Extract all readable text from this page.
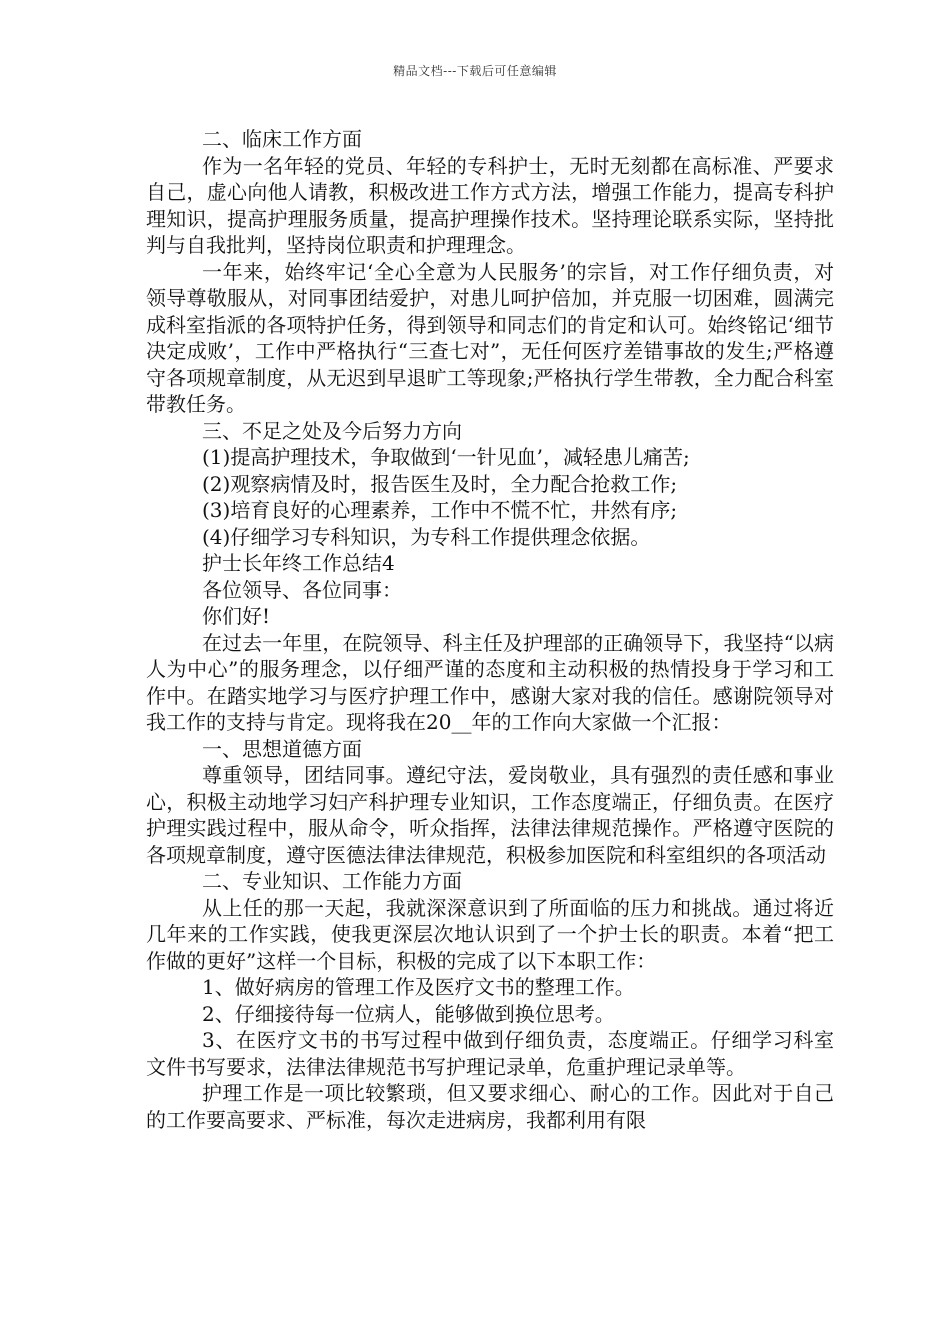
精品文档---下载后可任意编辑

二、临床工作方面

作为一名年轻的党员、年轻的专科护士，无时无刻都在高标准、严要求自己，虚心向他人请教，积极改进工作方式方法，增强工作能力，提高专科护理知识，提高护理服务质量，提高护理操作技术。坚持理论联系实际，坚持批判与自我批判，坚持岗位职责和护理理念。

一年来，始终牢记‘全心全意为人民服务’的宗旨，对工作仔细负责，对领导尊敬服从，对同事团结爱护，对患儿呵护倍加，并克服一切困难，圆满完成科室指派的各项特护任务，得到领导和同志们的肯定和认可。始终铭记‘细节决定成败’，工作中严格执行“三查七对”，无任何医疗差错事故的发生;严格遵守各项规章制度，从无迟到早退旷工等现象;严格执行学生带教，全力配合科室带教任务。

三、不足之处及今后努力方向

(1)提高护理技术，争取做到‘一针见血’，减轻患儿痛苦;

(2)观察病情及时，报告医生及时，全力配合抢救工作;

(3)培育良好的心理素养，工作中不慌不忙，井然有序;

(4)仔细学习专科知识，为专科工作提供理念依据。

护士长年终工作总结4

各位领导、各位同事：

你们好!

在过去一年里，在院领导、科主任及护理部的正确领导下，我坚持“以病人为中心”的服务理念，以仔细严谨的态度和主动积极的热情投身于学习和工作中。在踏实地学习与医疗护理工作中，感谢大家对我的信任。感谢院领导对我工作的支持与肯定。现将我在20__年的工作向大家做一个汇报：

一、思想道德方面

尊重领导，团结同事。遵纪守法，爱岗敬业，具有强烈的责任感和事业心，积极主动地学习妇产科护理专业知识，工作态度端正，仔细负责。在医疗护理实践过程中，服从命令，听众指挥，法律法律规范操作。严格遵守医院的各项规章制度，遵守医德法律法律规范，积极参加医院和科室组织的各项活动

二、专业知识、工作能力方面

从上任的那一天起，我就深深意识到了所面临的压力和挑战。通过将近几年来的工作实践，使我更深层次地认识到了一个护士长的职责。本着“把工作做的更好”这样一个目标，积极的完成了以下本职工作：

1、做好病房的管理工作及医疗文书的整理工作。

2、仔细接待每一位病人，能够做到换位思考。

3、在医疗文书的书写过程中做到仔细负责，态度端正。仔细学习科室文件书写要求，法律法律规范书写护理记录单，危重护理记录单等。

护理工作是一项比较繁琐，但又要求细心、耐心的工作。因此对于自己的工作要高要求、严标准，每次走进病房，我都利用有限
